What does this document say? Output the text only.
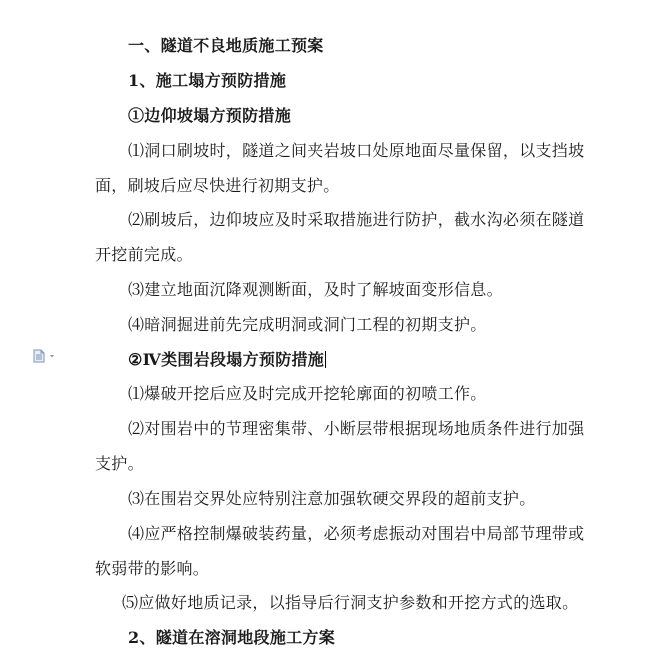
一、隧道不良地质施工预案
1、施工塌方预防措施
①边仰坡塌方预防措施
⑴洞口刷坡时，隧道之间夹岩坡口处原地面尽量保留，以支挡坡
面，刷坡后应尽快进行初期支护。
⑵刷坡后，边仰坡应及时采取措施进行防护，截水沟必须在隧道
开挖前完成。
⑶建立地面沉降观测断面，及时了解坡面变形信息。
⑷暗洞掘进前先完成明洞或洞门工程的初期支护。
②Ⅳ类围岩段塌方预防措施
⑴爆破开挖后应及时完成开挖轮廓面的初喷工作。
⑵对围岩中的节理密集带、小断层带根据现场地质条件进行加强
支护。
⑶在围岩交界处应特别注意加强软硬交界段的超前支护。
⑷应严格控制爆破装药量，必须考虑振动对围岩中局部节理带或
软弱带的影响。
⑸应做好地质记录，以指导后行洞支护参数和开挖方式的选取。
2、隧道在溶洞地段施工方案
